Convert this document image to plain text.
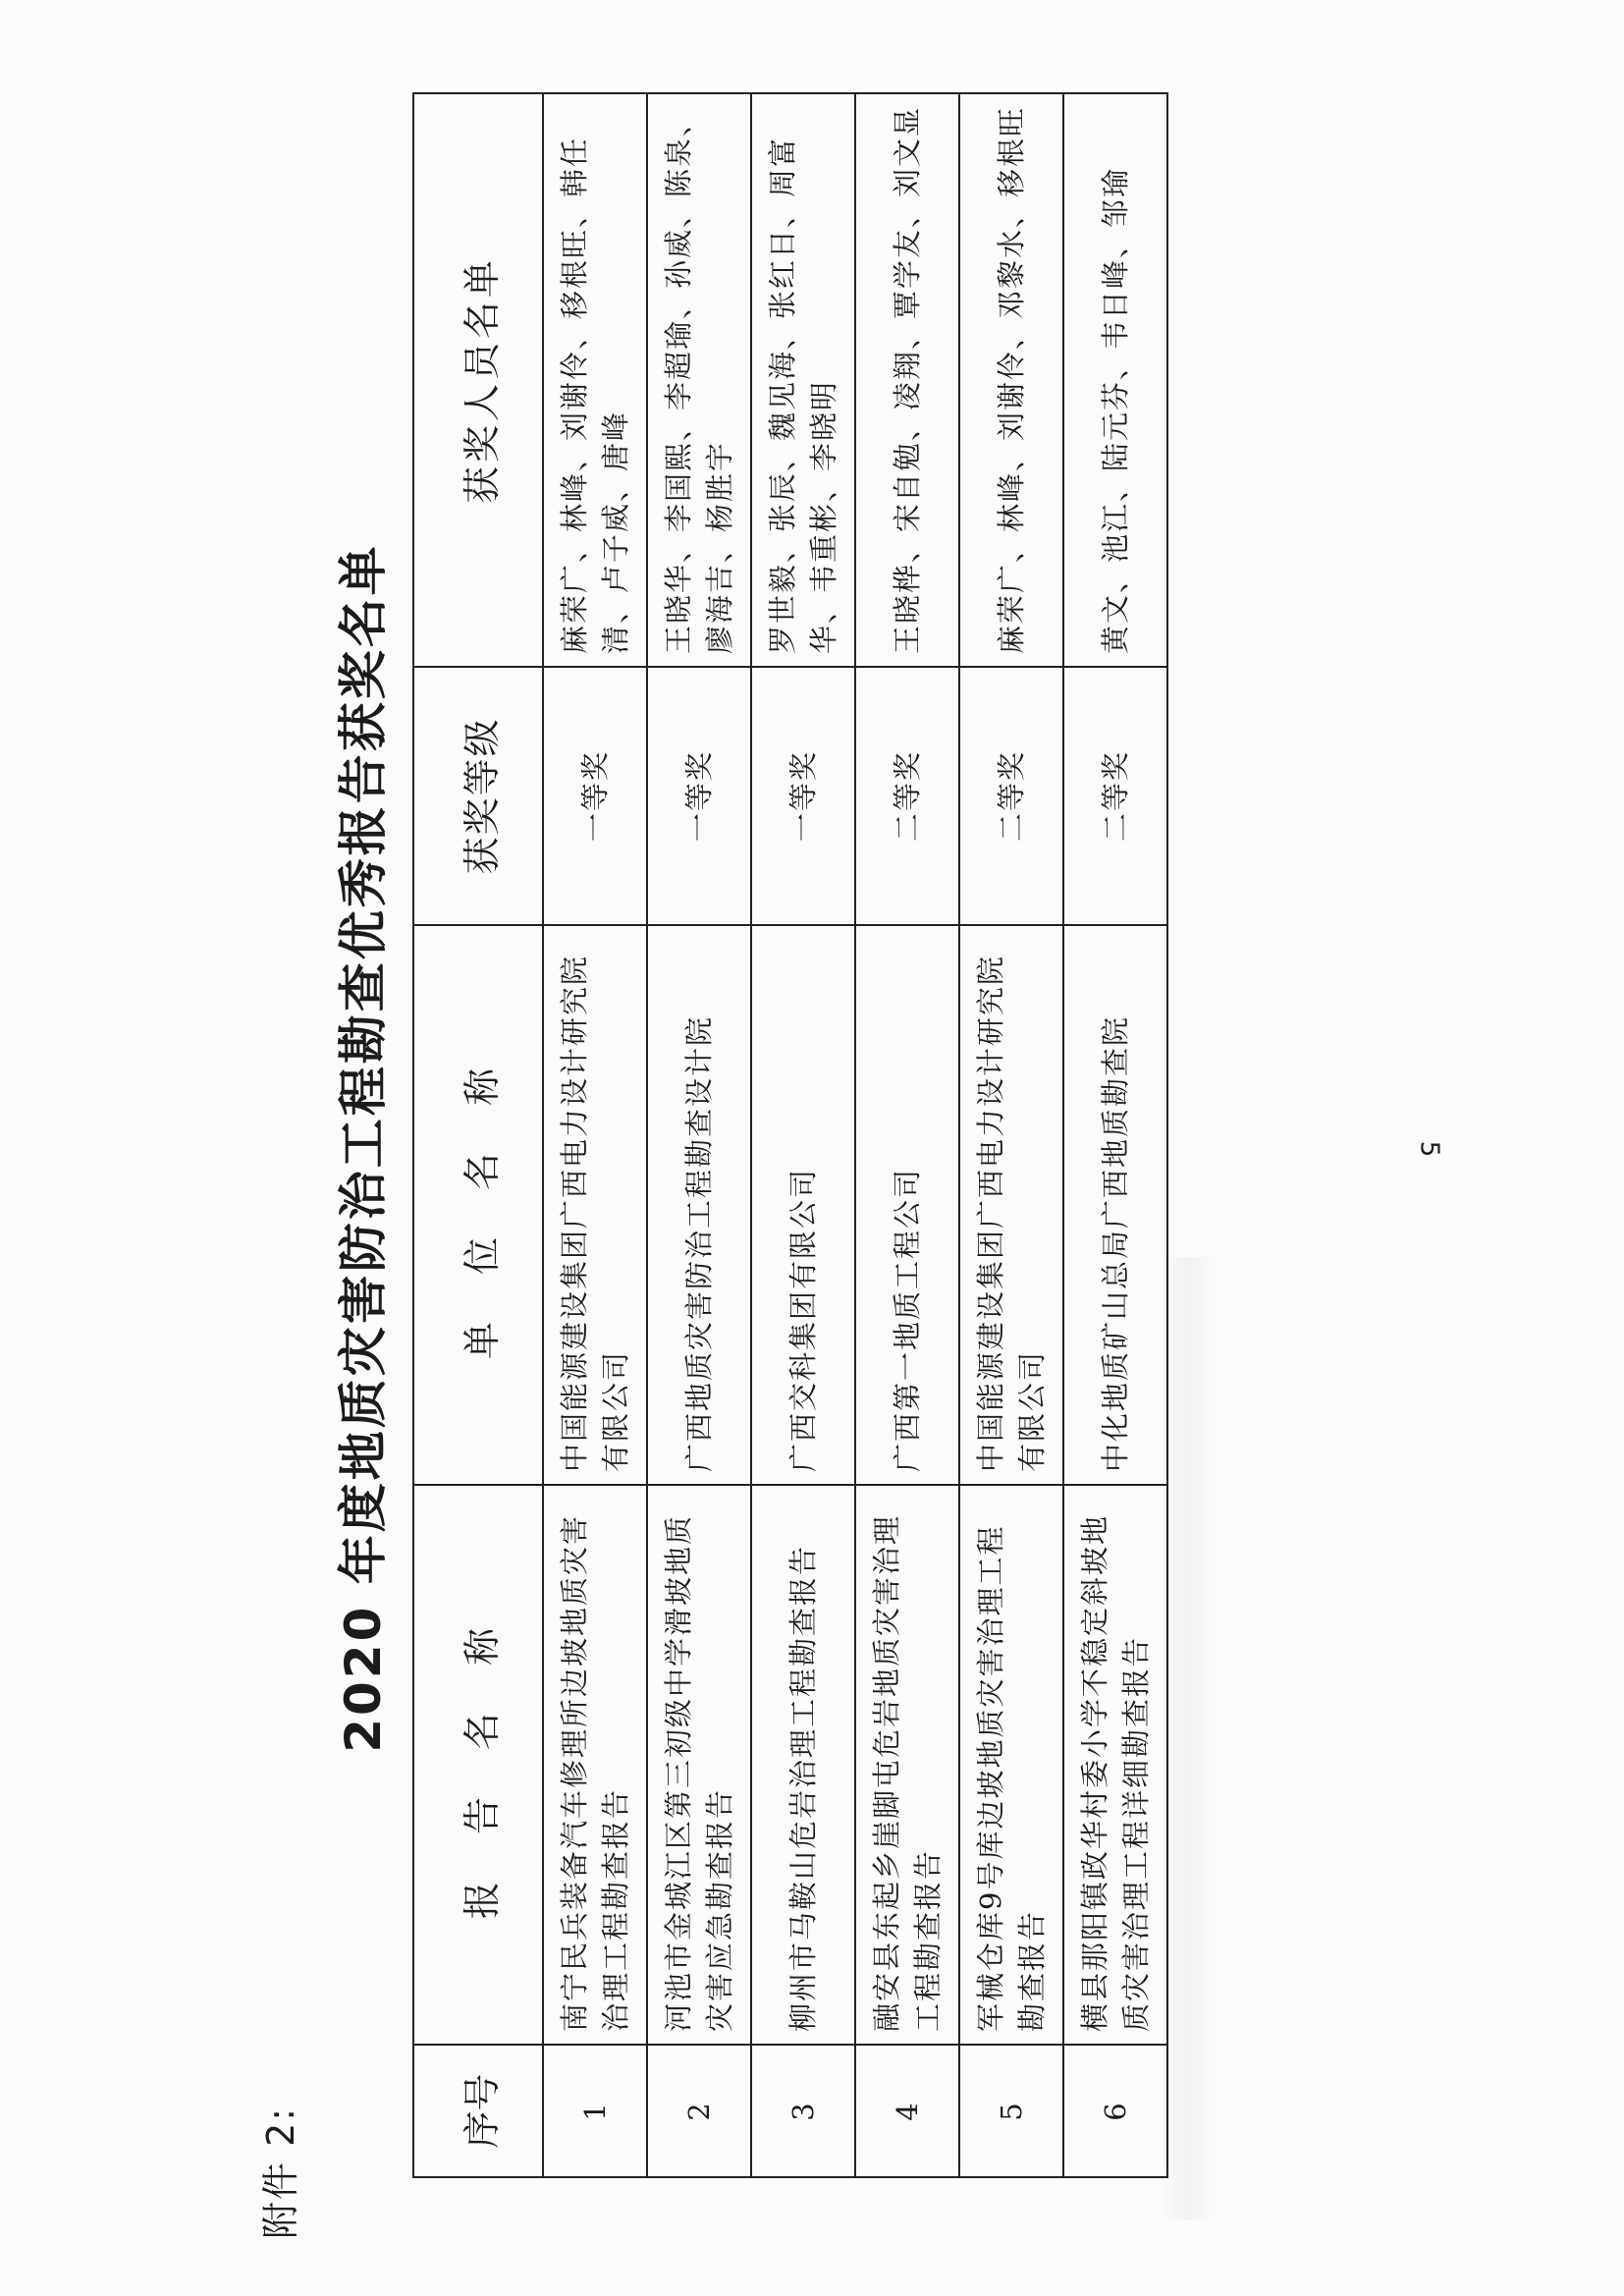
附件 2:
2020 年度地质灾害防治工程勘查优秀报告获奖名单
序号	报 告 名 称	单 位 名 称	获奖等级	获奖人员名单
1	南宁民兵装备汽车修理所边坡地质灾害治理工程勘查报告	中国能源建设集团广西电力设计研究院有限公司	一等奖	麻荣广、林峰、刘谢伶、移根旺、韩任清、卢子威、唐峰
2	河池市金城江区第三初级中学滑坡地质灾害应急勘查报告	广西地质灾害防治工程勘查设计院	一等奖	王晓华、李国熙、李超瑜、孙威、陈泉、廖海吉、杨胜宇
3	柳州市马鞍山危岩治理工程勘查报告	广西交科集团有限公司	一等奖	罗世毅、张辰、魏见海、张红日、周富华、韦重彬、李晓明
4	融安县东起乡崖脚屯危岩地质灾害治理工程勘查报告	广西第一地质工程公司	二等奖	王晓桦、宋自勉、凌翔、覃学友、刘文显
5	军械仓库9号库边坡地质灾害治理工程勘查报告	中国能源建设集团广西电力设计研究院有限公司	二等奖	麻荣广、林峰、刘谢伶、邓黎水、移根旺
6	横县那阳镇政华村委小学不稳定斜坡地质灾害治理工程详细勘查报告	中化地质矿山总局广西地质勘查院	二等奖	黄文、池江、陆元芬、韦日峰、邹瑜
5
